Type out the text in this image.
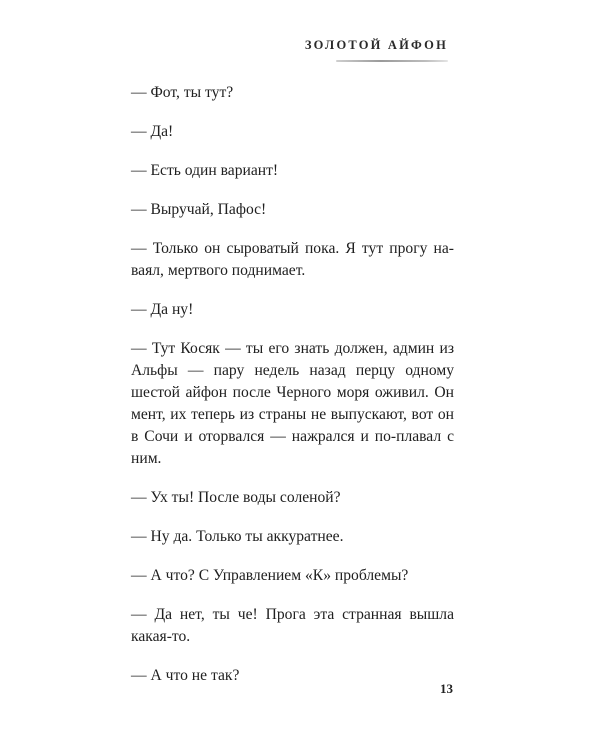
ЗОЛОТОЙ АЙФОН

— Фот, ты тут?

— Да!

— Есть один вариант!

— Выручай, Пафос!

— Только он сыроватый пока. Я тут прогу на-ваял, мертвого поднимает.

— Да ну!

— Тут Косяк — ты его знать должен, админ из Альфы — пару недель назад перцу одному шестой айфон после Черного моря оживил. Он мент, их теперь из страны не выпускают, вот он в Сочи и оторвался — нажрался и по-плавал с ним.

— Ух ты! После воды соленой?

— Ну да. Только ты аккуратнее.

— А что? С Управлением «К» проблемы?

— Да нет, ты че! Прога эта странная вышла какая-то.

— А что не так?

13
